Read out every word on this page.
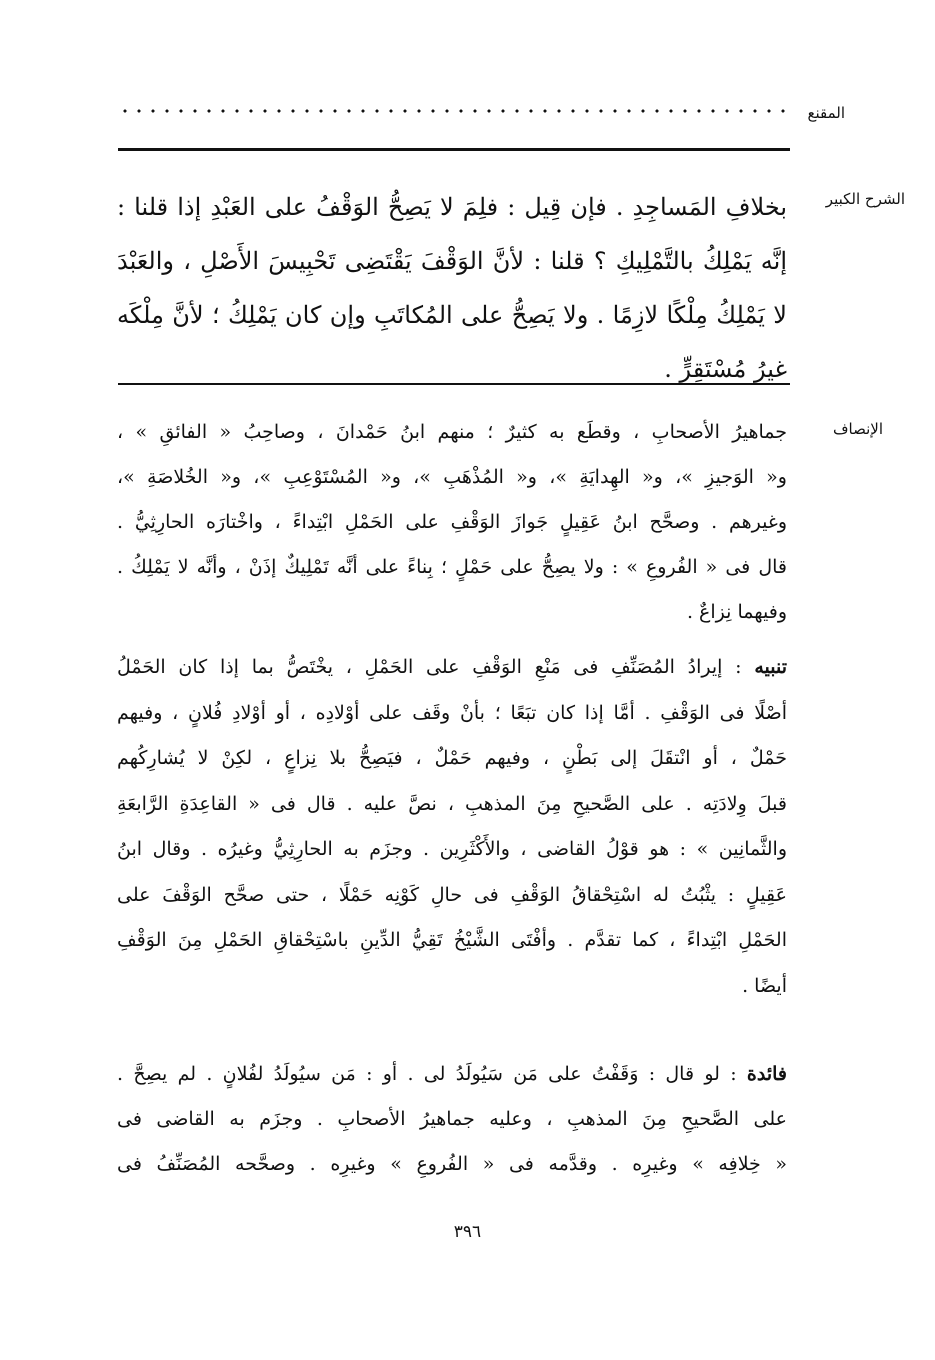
المقنع
الشرح الكبير
بخلافِ المَساجِدِ . فإن قِيل : فلِمَ لا يَصِحُّ الوَقْفُ على العَبْدِ إذا قلنا :
إنَّه يَمْلِكُ بالتَّمْلِيكِ ؟ قلنا : لأنَّ الوَقْفَ يَقْتَضِى تَحْبِيسَ الأَصْلِ ، والعَبْدَ
لا يَمْلِكُ مِلْكًا لازِمًا . ولا يَصِحُّ على المُكاتَبِ وإن كان يَمْلِكُ ؛ لأنَّ مِلْكَه
غيرُ مُسْتَقِرٍّ .
الإنصاف
جماهيرُ الأصحابِ ، وقطَع به كثيرٌ ؛ منهم ابنُ حَمْدانَ ، وصاحِبُ « الفائقِ » ،
و« الوَجيزِ »، و« الهِدايَةِ »، و« المُذْهَبِ »، و« المُسْتَوْعِبِ »، و« الخُلاصَةِ »،
وغيرهم . وصحَّح ابنُ عَقِيلٍ جَوازَ الوَقْفِ على الحَمْلِ ابْتِداءً ، واخْتارَه الحارِثِيُّ .
قال فى « الفُروعِ » : ولا يصِحُّ على حَمْلٍ ؛ بِناءً على أنَّه تَمْلِيكٌ إذَنْ ، وأنَّه لا يَمْلِكُ .
وفيهما نِزاعٌ .
تنبيه : إيرادُ المُصَنِّفِ فى مَنْعِ الوَقْفِ على الحَمْلِ ، يخْتَصُّ بما إذا كان الحَمْلُ
أصْلًا فى الوَقْفِ . أمَّا إذا كان تبَعًا ؛ بأنْ وقَف على أوْلادِه ، أو أوْلادِ فُلانٍ ، وفيهم
حَمْلٌ ، أو انْتقَلَ إلى بَطْنٍ ، وفيهم حَمْلٌ ، فيَصِحُّ بلا نِزاعٍ ، لكِنْ لا يُشارِكُهم
قبلَ وِلادَتِه . على الصَّحيحِ مِنَ المذهبِ ، نصَّ عليه . قال فى « القاعِدَةِ الرَّابعَةِ
والثَّمانِين » : هو قوْلُ القاضى ، والأَكْثَرِين . وجزَم به الحارِثِيُّ وغيرُه . وقال ابنُ
عَقِيلٍ : يثْبُتُ له اسْتِحْقاقُ الوَقْفِ فى حالِ كَوْنِه حَمْلًا ، حتى صحَّح الوَقْفَ على
الحَمْلِ ابْتِداءً ، كما تقدَّم . وأفْتَى الشَّيْخُ تَقِيُّ الدِّينِ باسْتِحْقاقِ الحَمْلِ مِنَ الوَقْفِ
أيضًا .
فائدة : لو قال : وَقَفْتُ على مَن سَيُولَدُ لى . أو : مَن سيُولَدُ لفُلانٍ . لم يصِحَّ .
على الصَّحيحِ مِنَ المذهبِ ، وعليه جماهيرُ الأصحابِ . وجزَم به القاضى فى
« خِلافِه » وغيرِه . وقدَّمه فى « الفُروعِ » وغيرِه . وصحَّحه المُصَنِّفُ فى
٣٩٦
